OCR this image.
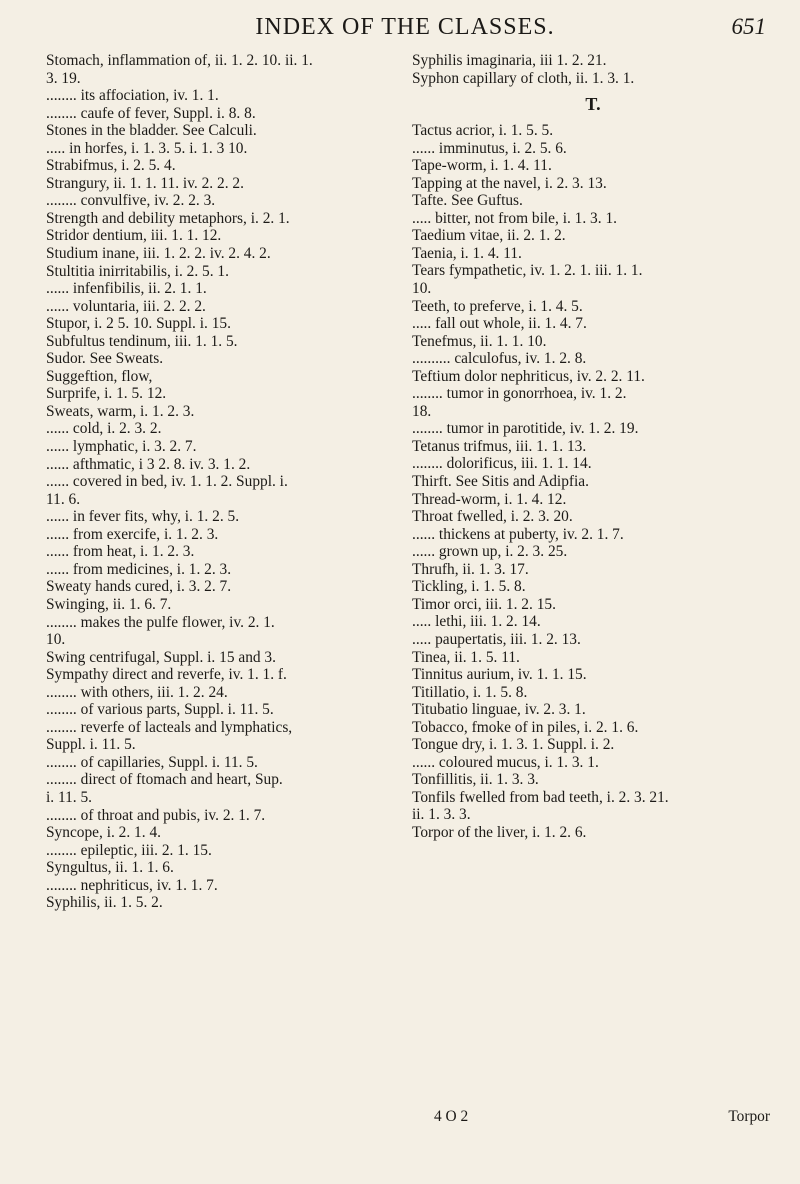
INDEX OF THE CLASSES.	651
Stomach, inflammation of, ii. 1. 2. 10. ii. 1.
3. 19.
........ its affociation, iv. 1. 1.
........ caufe of fever, Suppl. i. 8. 8.
Stones in the bladder. See Calculi.
..... in horfes, i. 1. 3. 5. i. 1. 3 10.
Strabifmus, i. 2. 5. 4.
Strangury, ii. 1. 1. 11. iv. 2. 2. 2.
........ convulfive, iv. 2. 2. 3.
Strength and debility metaphors, i. 2. 1.
Stridor dentium, iii. 1. 1. 12.
Studium inane, iii. 1. 2. 2. iv. 2. 4. 2.
Stultitia inirritabilis, i. 2. 5. 1.
...... infenfibilis, ii. 2. 1. 1.
...... voluntaria, iii. 2. 2. 2.
Stupor, i. 2 5. 10. Suppl. i. 15.
Subfultus tendinum, iii. 1. 1. 5.
Sudor. See Sweats.
Suggeftion, flow,
Surprife, i. 1. 5. 12.
Sweats, warm, i. 1. 2. 3.
...... cold, i. 2. 3. 2.
...... lymphatic, i. 3. 2. 7.
...... afthmatic, i 3 2. 8. iv. 3. 1. 2.
...... covered in bed, iv. 1. 1. 2. Suppl. i.
11. 6.
...... in fever fits, why, i. 1. 2. 5.
...... from exercife, i. 1. 2. 3.
...... from heat, i. 1. 2. 3.
...... from medicines, i. 1. 2. 3.
Sweaty hands cured, i. 3. 2. 7.
Swinging, ii. 1. 6. 7.
........ makes the pulfe flower, iv. 2. 1.
10.
Swing centrifugal, Suppl. i. 15 and 3.
Sympathy direct and reverfe, iv. 1. 1. f.
........ with others, iii. 1. 2. 24.
........ of various parts, Suppl. i. 11. 5.
........ reverfe of lacteals and lymphatics,
Suppl. i. 11. 5.
........ of capillaries, Suppl. i. 11. 5.
........ direct of ftomach and heart, Sup.
i. 11. 5.
........ of throat and pubis, iv. 2. 1. 7.
Syncope, i. 2. 1. 4.
........ epileptic, iii. 2. 1. 15.
Syngultus, ii. 1. 1. 6.
........ nephriticus, iv. 1. 1. 7.
Syphilis, ii. 1. 5. 2.
Syphilis imaginaria, iii 1. 2. 21.
Syphon capillary of cloth, ii. 1. 3. 1.
T.
Tactus acrior, i. 1. 5. 5.
...... imminutus, i. 2. 5. 6.
Tape-worm, i. 1. 4. 11.
Tapping at the navel, i. 2. 3. 13.
Tafte. See Guftus.
..... bitter, not from bile, i. 1. 3. 1.
Taedium vitae, ii. 2. 1. 2.
Taenia, i. 1. 4. 11.
Tears fympathetic, iv. 1. 2. 1. iii. 1. 1.
10.
Teeth, to preferve, i. 1. 4. 5.
..... fall out whole, ii. 1. 4. 7.
Tenefmus, ii. 1. 1. 10.
.......... calculofus, iv. 1. 2. 8.
Teftium dolor nephriticus, iv. 2. 2. 11.
........ tumor in gonorrhoea, iv. 1. 2.
18.
........ tumor in parotitide, iv. 1. 2. 19.
Tetanus trifmus, iii. 1. 1. 13.
........ dolorificus, iii. 1. 1. 14.
Thirft. See Sitis and Adipfia.
Thread-worm, i. 1. 4. 12.
Throat fwelled, i. 2. 3. 20.
...... thickens at puberty, iv. 2. 1. 7.
...... grown up, i. 2. 3. 25.
Thrufh, ii. 1. 3. 17.
Tickling, i. 1. 5. 8.
Timor orci, iii. 1. 2. 15.
..... lethi, iii. 1. 2. 14.
..... paupertatis, iii. 1. 2. 13.
Tinea, ii. 1. 5. 11.
Tinnitus aurium, iv. 1. 1. 15.
Titillatio, i. 1. 5. 8.
Titubatio linguae, iv. 2. 3. 1.
Tobacco, fmoke of in piles, i. 2. 1. 6.
Tongue dry, i. 1. 3. 1. Suppl. i. 2.
...... coloured mucus, i. 1. 3. 1.
Tonfillitis, ii. 1. 3. 3.
Tonfils fwelled from bad teeth, i. 2. 3. 21.
ii. 1. 3. 3.
Torpor of the liver, i. 1. 2. 6.
4 O 2	Torpor
